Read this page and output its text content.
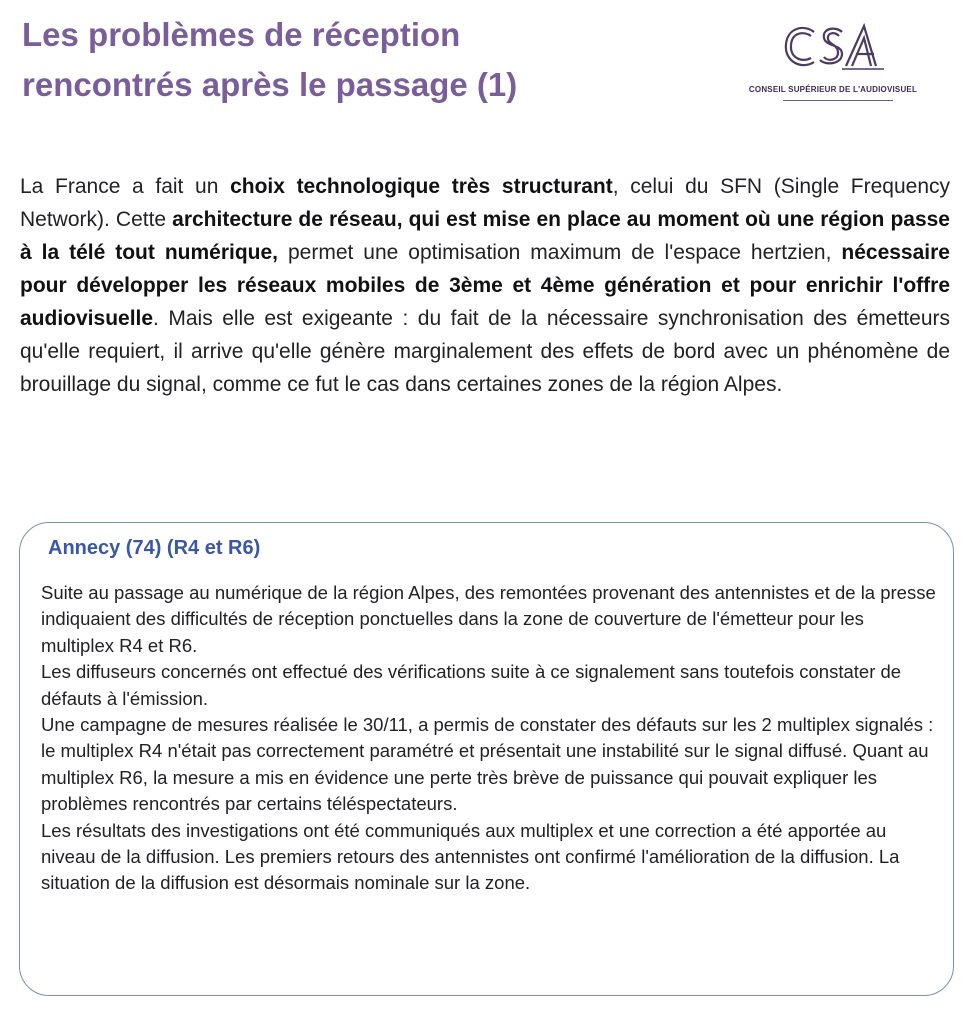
Les problèmes de réception
rencontrés après le passage (1)	CONSEIL SUPÉRIEUR DE L'AUDIOVISUEL

La France a fait un choix technologique très structurant, celui du SFN (Single Frequency Network). Cette architecture de réseau, qui est mise en place au moment où une région passe à la télé tout numérique, permet une optimisation maximum de l'espace hertzien, nécessaire pour développer les réseaux mobiles de 3ème et 4ème génération et pour enrichir l'offre audiovisuelle. Mais elle est exigeante : du fait de la nécessaire synchronisation des émetteurs qu'elle requiert, il arrive qu'elle génère marginalement des effets de bord avec un phénomène de brouillage du signal, comme ce fut le cas dans certaines zones de la région Alpes.

Annecy (74) (R4 et R6)

Suite au passage au numérique de la région Alpes, des remontées provenant des antennistes et de la presse indiquaient des difficultés de réception ponctuelles dans la zone de couverture de l'émetteur pour les multiplex R4 et R6.

Les diffuseurs concernés ont effectué des vérifications suite à ce signalement sans toutefois constater de défauts à l'émission.

Une campagne de mesures réalisée le 30/11, a permis de constater des défauts sur les 2 multiplex signalés : le multiplex R4 n'était pas correctement paramétré et présentait une instabilité sur le signal diffusé. Quant au multiplex R6, la mesure a mis en évidence une perte très brève de puissance qui pouvait expliquer les problèmes rencontrés par certains téléspectateurs.

Les résultats des investigations ont été communiqués aux multiplex et une correction a été apportée au niveau de la diffusion. Les premiers retours des antennistes ont confirmé l'amélioration de la diffusion. La situation de la diffusion est désormais nominale sur la zone.
